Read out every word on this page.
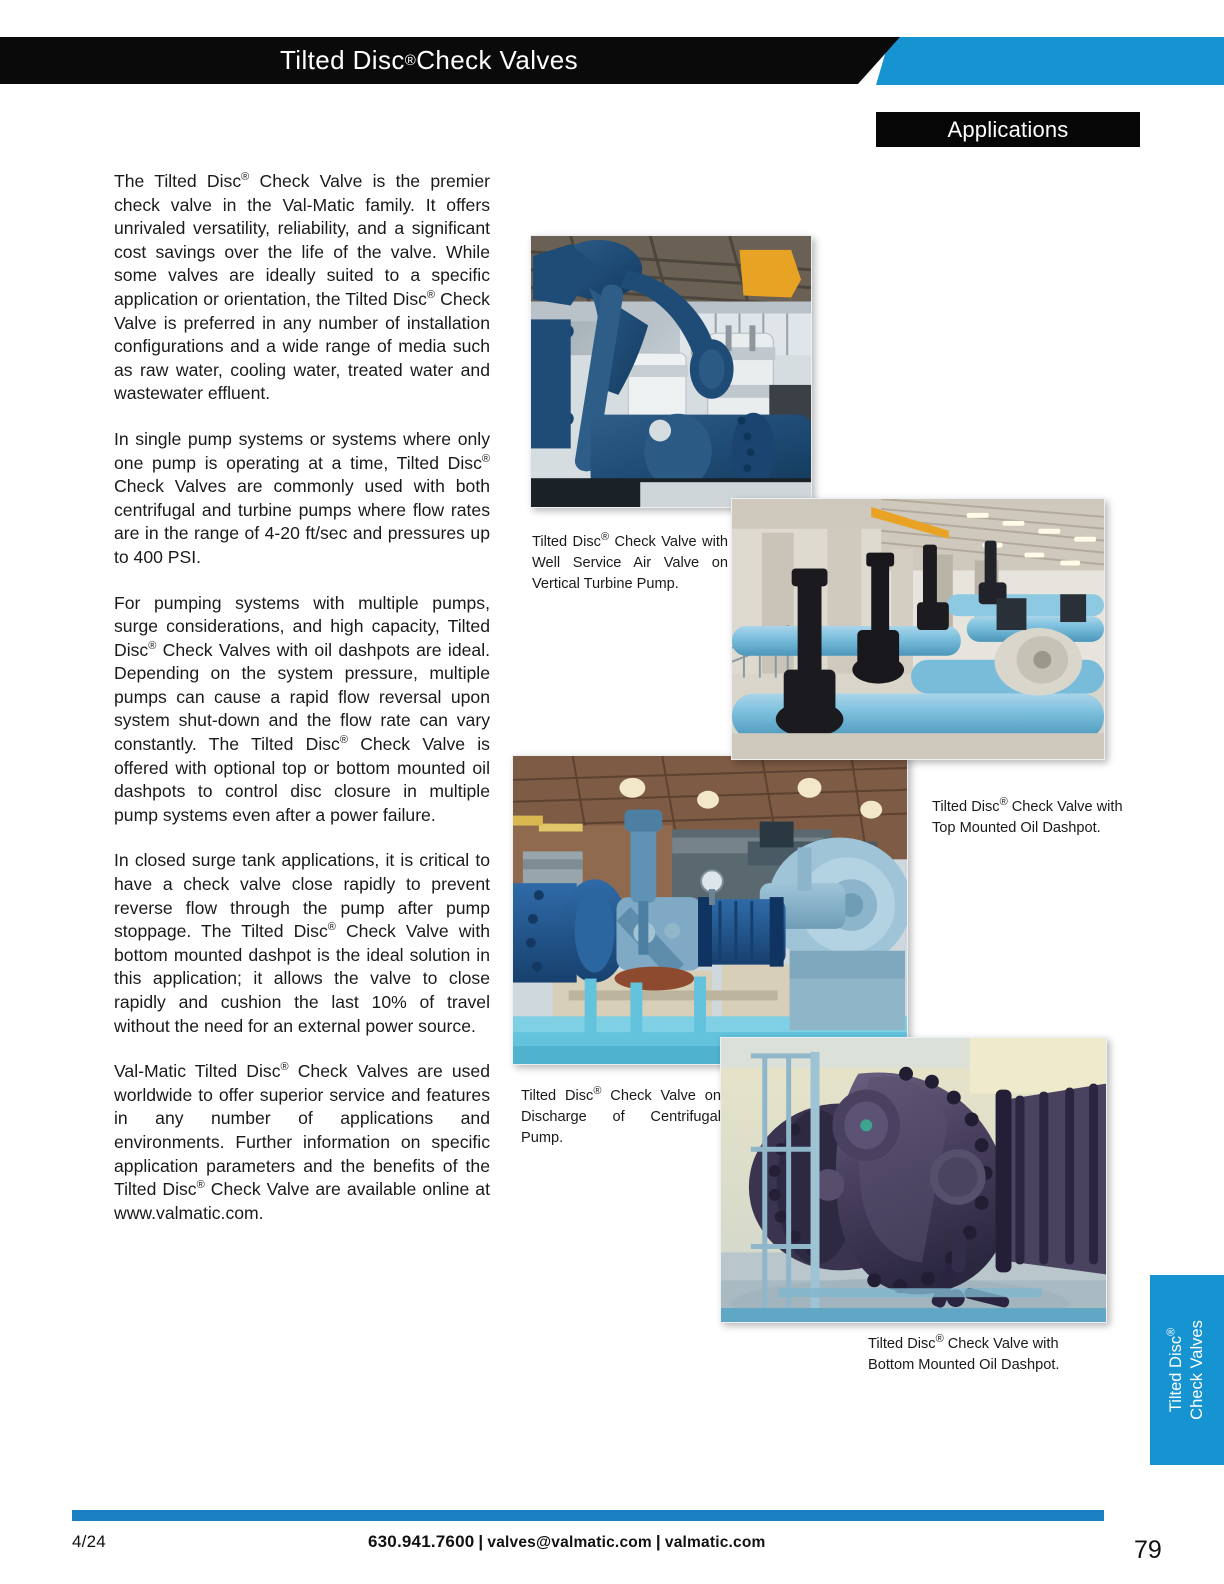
Tilted Disc ® Check Valves
Applications

The Tilted Disc® Check Valve is the premier check valve in the Val-Matic family. It offers unrivaled versatility, reliability, and a significant cost savings over the life of the valve. While some valves are ideally suited to a specific application or orientation, the Tilted Disc® Check Valve is preferred in any number of installation configurations and a wide range of media such as raw water, cooling water, treated water and wastewater effluent.

In single pump systems or systems where only one pump is operating at a time, Tilted Disc® Check Valves are commonly used with both centrifugal and turbine pumps where flow rates are in the range of 4-20 ft/sec and pressures up to 400 PSI.

For pumping systems with multiple pumps, surge considerations, and high capacity, Tilted Disc® Check Valves with oil dashpots are ideal. Depending on the system pressure, multiple pumps can cause a rapid flow reversal upon system shut-down and the flow rate can vary constantly. The Tilted Disc® Check Valve is offered with optional top or bottom mounted oil dashpots to control disc closure in multiple pump systems even after a power failure.

In closed surge tank applications, it is critical to have a check valve close rapidly to prevent reverse flow through the pump after pump stoppage. The Tilted Disc® Check Valve with bottom mounted dashpot is the ideal solution in this application; it allows the valve to close rapidly and cushion the last 10% of travel without the need for an external power source.

Val-Matic Tilted Disc® Check Valves are used worldwide to offer superior service and features in any number of applications and environments. Further information on specific application parameters and the benefits of the Tilted Disc® Check Valve are available online at www.valmatic.com.

Tilted Disc® Check Valve with Well Service Air Valve on Vertical Turbine Pump.
Tilted Disc® Check Valve with Top Mounted Oil Dashpot.
Tilted Disc® Check Valve on Discharge of Centrifugal Pump.
Tilted Disc® Check Valve with Bottom Mounted Oil Dashpot.	Tilted Disc® Check Valves
4/24	630.941.7600 | valves@valmatic.com | valmatic.com	79
